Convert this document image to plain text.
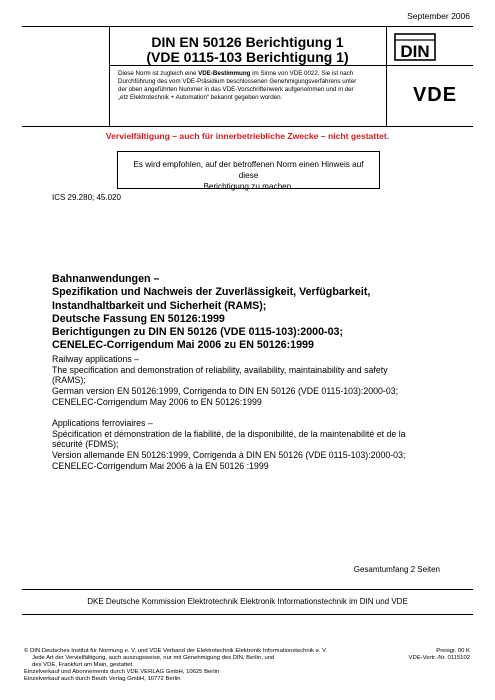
September 2006
DIN EN 50126 Berichtigung 1
(VDE 0115-103 Berichtigung 1)
Diese Norm ist zugleich eine VDE-Bestimmung im Sinne von VDE 0022. Sie ist nach
Durchführung des vom VDE-Präsidium beschlossenen Genehmigungsverfahrens unter
der oben angeführten Nummer in das VDE-Vorschriftenwerk aufgenommen und in der
„etz Elektrotechnik + Automation“ bekannt gegeben worden.
DIN
VDE
Vervielfältigung – auch für innerbetriebliche Zwecke – nicht gestattet.
Es wird empfohlen, auf der betroffenen Norm einen Hinweis auf diese
Berichtigung zu machen.
ICS 29.280; 45.020
Bahnanwendungen –
Spezifikation und Nachweis der Zuverlässigkeit, Verfügbarkeit,
Instandhaltbarkeit und Sicherheit (RAMS);
Deutsche Fassung EN 50126:1999
Berichtigungen zu DIN EN 50126 (VDE 0115-103):2000-03;
CENELEC-Corrigendum Mai 2006 zu EN 50126:1999
Railway applications –
The specification and demonstration of reliability, availability, maintainability and safety
(RAMS);
German version EN 50126:1999, Corrigenda to DIN EN 50126 (VDE 0115-103):2000-03;
CENELEC-Corrigendum May 2006 to EN 50126:1999
Applications ferroviaires –
Spécification et démonstration de la fiabilité, de la disponibilité, de la maintenabilité et de la
sécurité (FDMS);
Version allemande EN 50126:1999, Corrigenda à DIN EN 50126 (VDE 0115-103):2000-03;
CENELEC-Corrigendum Mai 2006 à la EN 50126 :1999
Gesamtumfang 2 Seiten
DKE Deutsche Kommission Elektrotechnik Elektronik Informationstechnik im DIN und VDE
© DIN Deutsches Institut für Normung e. V. und VDE Verband der Elektrotechnik Elektronik Informationstechnik e. V.
Jede Art der Vervielfältigung, auch auszugsweise, nur mit Genehmigung des DIN, Berlin, und
des VDE, Frankfurt am Main, gestattet.
Einzelverkauf und Abonnements durch VDE VERLAG GmbH, 10625 Berlin
Einzelverkauf auch durch Beuth Verlag GmbH, 10772 Berlin
Preisgr. 00 K
VDE-Vertr.-Nr. 0115102
